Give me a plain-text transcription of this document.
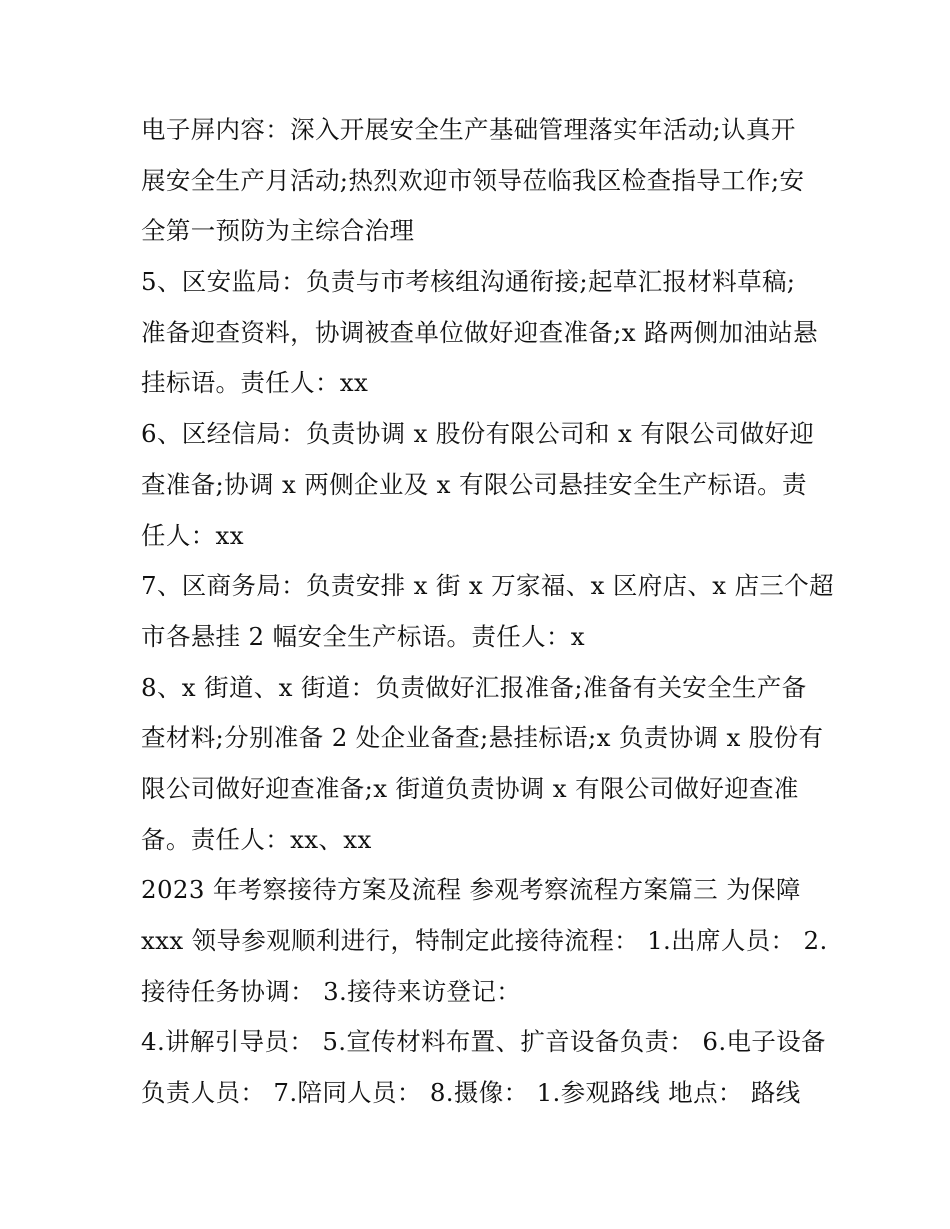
电子屏内容：深入开展安全生产基础管理落实年活动;认真开
展安全生产月活动;热烈欢迎市领导莅临我区检查指导工作;安
全第一预防为主综合治理
5、区安监局：负责与市考核组沟通衔接;起草汇报材料草稿;
准备迎查资料，协调被查单位做好迎查准备;x 路两侧加油站悬
挂标语。责任人：xx
6、区经信局：负责协调 x 股份有限公司和 x 有限公司做好迎
查准备;协调 x 两侧企业及 x 有限公司悬挂安全生产标语。责
任人：xx
7、区商务局：负责安排 x 街 x 万家福、x 区府店、x 店三个超
市各悬挂 2 幅安全生产标语。责任人：x
8、x 街道、x 街道：负责做好汇报准备;准备有关安全生产备
查材料;分别准备 2 处企业备查;悬挂标语;x 负责协调 x 股份有
限公司做好迎查准备;x 街道负责协调 x 有限公司做好迎查准
备。责任人：xx、xx
2023 年考察接待方案及流程 参观考察流程方案篇三 为保障
xxx 领导参观顺利进行，特制定此接待流程： 1.出席人员： 2.
接待任务协调： 3.接待来访登记：
4.讲解引导员： 5.宣传材料布置、扩音设备负责： 6.电子设备
负责人员： 7.陪同人员： 8.摄像： 1.参观路线 地点： 路线
